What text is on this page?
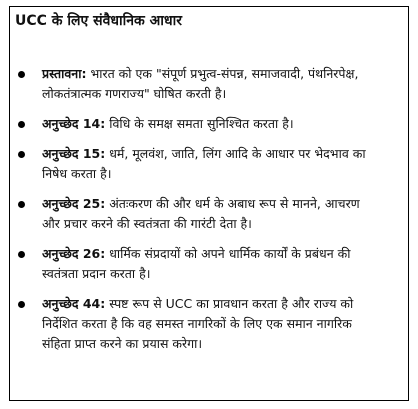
UCC के लिए संवैधानिक आधार
प्रस्तावना: भारत को एक "संपूर्ण प्रभुत्व-संपन्न, समाजवादी, पंथनिरपेक्ष, लोकतंत्रात्मक गणराज्य" घोषित करती है।
अनुच्छेद 14: विधि के समक्ष समता सुनिश्चित करता है।
अनुच्छेद 15: धर्म, मूलवंश, जाति, लिंग आदि के आधार पर भेदभाव का निषेध करता है।
अनुच्छेद 25: अंतःकरण की और धर्म के अबाध रूप से मानने, आचरण और प्रचार करने की स्वतंत्रता की गारंटी देता है।
अनुच्छेद 26: धार्मिक संप्रदायों को अपने धार्मिक कार्यों के प्रबंधन की स्वतंत्रता प्रदान करता है।
अनुच्छेद 44: स्पष्ट रूप से UCC का प्रावधान करता है और राज्य को निर्देशित करता है कि वह समस्त नागरिकों के लिए एक समान नागरिक संहिता प्राप्त करने का प्रयास करेगा।
